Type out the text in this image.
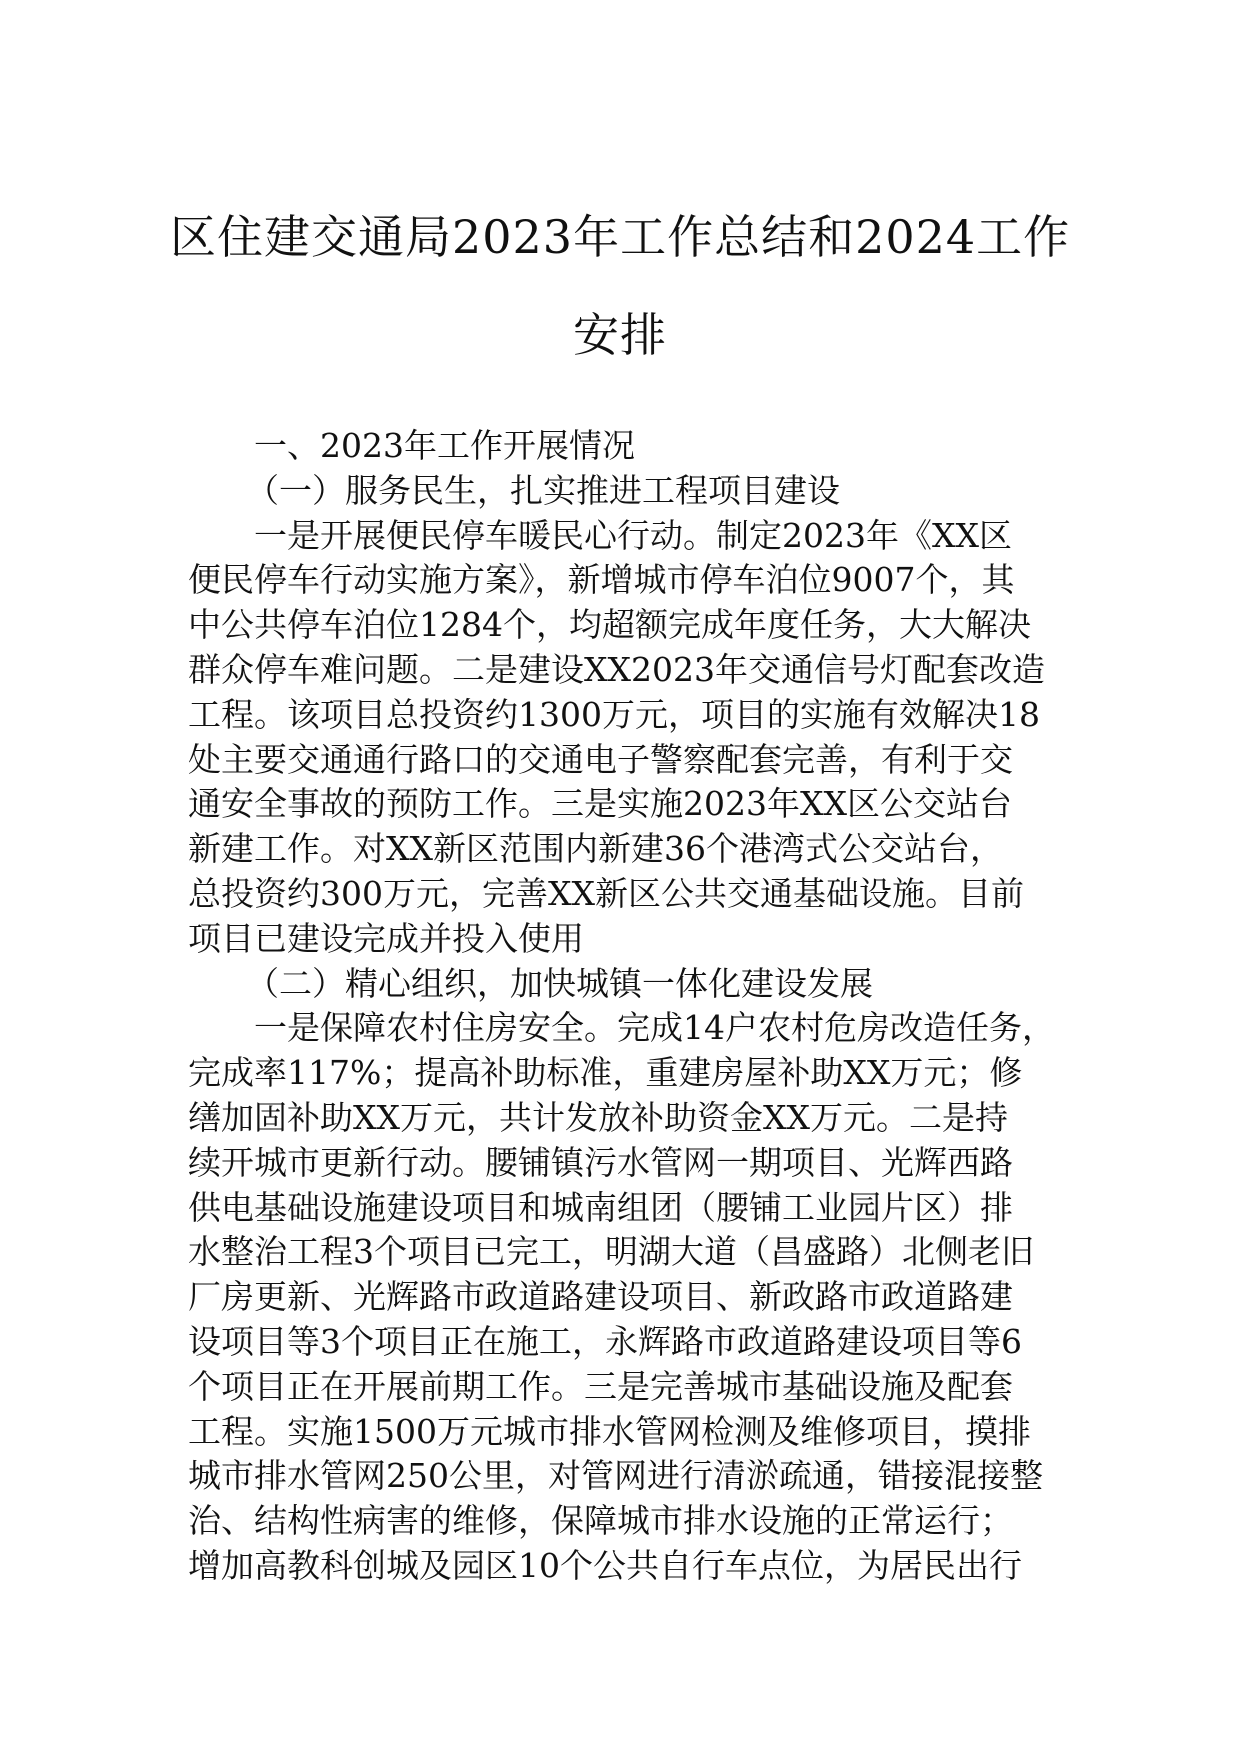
区住建交通局2023年工作总结和2024工作
安排

一、2023年工作开展情况

（一）服务民生，扎实推进工程项目建设

一是开展便民停车暖民心行动。制定2023年《XX区
便民停车行动实施方案》，新增城市停车泊位9007个，其
中公共停车泊位1284个，均超额完成年度任务，大大解决
群众停车难问题。二是建设XX2023年交通信号灯配套改造
工程。该项目总投资约1300万元，项目的实施有效解决18
处主要交通通行路口的交通电子警察配套完善，有利于交
通安全事故的预防工作。三是实施2023年XX区公交站台
新建工作。对XX新区范围内新建36个港湾式公交站台，
总投资约300万元，完善XX新区公共交通基础设施。目前
项目已建设完成并投入使用

（二）精心组织，加快城镇一体化建设发展

一是保障农村住房安全。完成14户农村危房改造任务，
完成率117%；提高补助标准，重建房屋补助XX万元；修
缮加固补助XX万元，共计发放补助资金XX万元。二是持
续开城市更新行动。腰铺镇污水管网一期项目、光辉西路
供电基础设施建设项目和城南组团（腰铺工业园片区）排
水整治工程3个项目已完工，明湖大道（昌盛路）北侧老旧
厂房更新、光辉路市政道路建设项目、新政路市政道路建
设项目等3个项目正在施工，永辉路市政道路建设项目等6
个项目正在开展前期工作。三是完善城市基础设施及配套
工程。实施1500万元城市排水管网检测及维修项目，摸排
城市排水管网250公里，对管网进行清淤疏通，错接混接整
治、结构性病害的维修，保障城市排水设施的正常运行；
增加高教科创城及园区10个公共自行车点位，为居民出行
